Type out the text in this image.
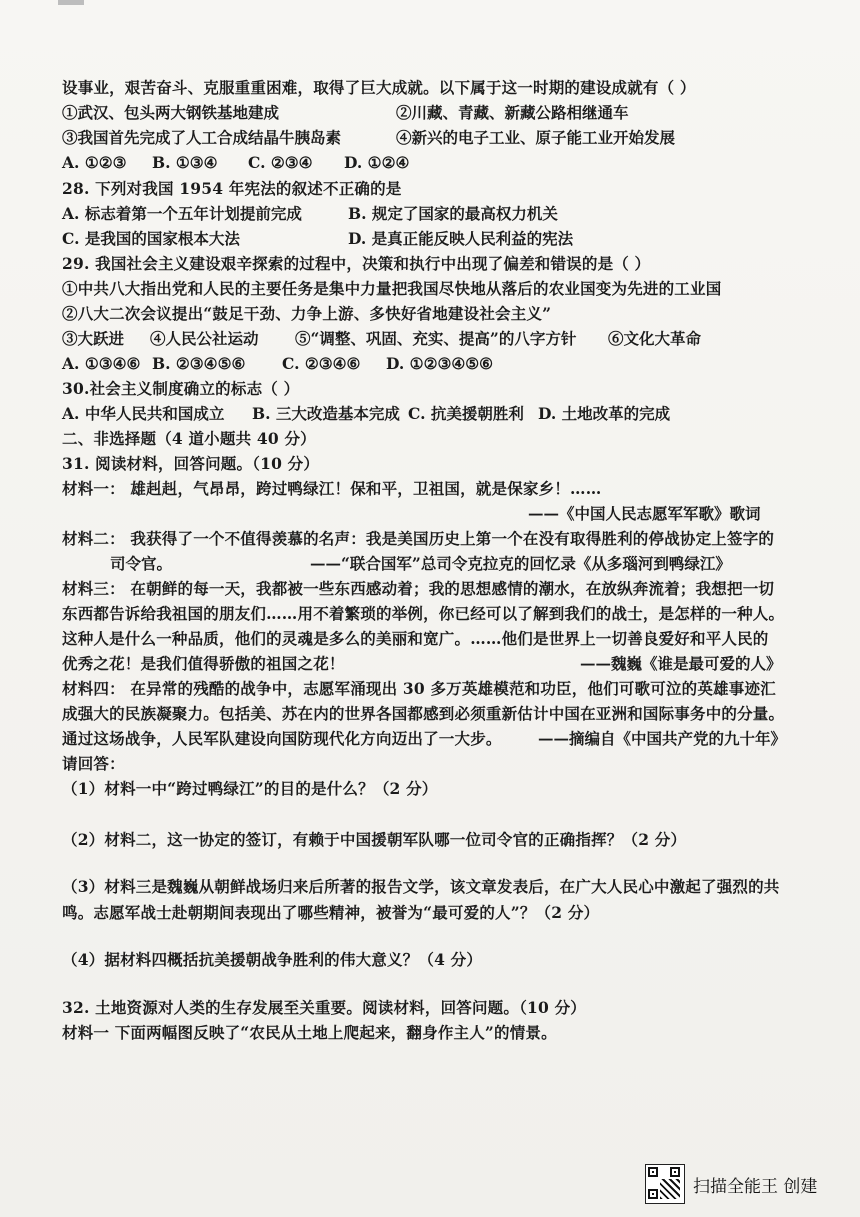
设事业，艰苦奋斗、克服重重困难，取得了巨大成就。以下属于这一时期的建设成就有（ ）
①武汉、包头两大钢铁基地建成	②川藏、青藏、新藏公路相继通车
③我国首先完成了人工合成结晶牛胰岛素	④新兴的电子工业、原子能工业开始发展
A. ①②③ B. ①③④ C. ②③④ D. ①②④
28. 下列对我国 1954 年宪法的叙述不正确的是
A. 标志着第一个五年计划提前完成	B. 规定了国家的最高权力机关
C. 是我国的国家根本大法	D. 是真正能反映人民利益的宪法
29. 我国社会主义建设艰辛探索的过程中，决策和执行中出现了偏差和错误的是（ ）
①中共八大指出党和人民的主要任务是集中力量把我国尽快地从落后的农业国变为先进的工业国
②八大二次会议提出“鼓足干劲、力争上游、多快好省地建设社会主义”
③大跃进 ④人民公社运动 ⑤“调整、巩固、充实、提高”的八字方针 ⑥文化大革命
A. ①③④⑥ B. ②③④⑤⑥ C. ②③④⑥ D. ①②③④⑤⑥
30.社会主义制度确立的标志（ ）
A. 中华人民共和国成立 B. 三大改造基本完成 C. 抗美援朝胜利 D. 土地改革的完成
二、非选择题（4 道小题共 40 分）
31. 阅读材料，回答问题。（10 分）
材料一： 雄赳赳，气昂昂，跨过鸭绿江！保和平，卫祖国，就是保家乡！……
——《中国人民志愿军军歌》歌词
材料二： 我获得了一个不值得羡慕的名声：我是美国历史上第一个在没有取得胜利的停战协定上签字的
司令官。	——“联合国军”总司令克拉克的回忆录《从多瑙河到鸭绿江》
材料三： 在朝鲜的每一天，我都被一些东西感动着；我的思想感情的潮水，在放纵奔流着；我想把一切
东西都告诉给我祖国的朋友们……用不着繁琐的举例，你已经可以了解到我们的战士，是怎样的一种人。
这种人是什么一种品质，他们的灵魂是多么的美丽和宽广。……他们是世界上一切善良爱好和平人民的
优秀之花！是我们值得骄傲的祖国之花！	——魏巍《谁是最可爱的人》
材料四： 在异常的残酷的战争中，志愿军涌现出 30 多万英雄模范和功臣，他们可歌可泣的英雄事迹汇
成强大的民族凝聚力。包括美、苏在内的世界各国都感到必须重新估计中国在亚洲和国际事务中的分量。
通过这场战争，人民军队建设向国防现代化方向迈出了一大步。 ——摘编自《中国共产党的九十年》
请回答：
（1）材料一中“跨过鸭绿江”的目的是什么？（2 分）
（2）材料二，这一协定的签订，有赖于中国援朝军队哪一位司令官的正确指挥？（2 分）
（3）材料三是魏巍从朝鲜战场归来后所著的报告文学，该文章发表后，在广大人民心中激起了强烈的共
鸣。志愿军战士赴朝期间表现出了哪些精神，被誉为“最可爱的人”？（2 分）
（4）据材料四概括抗美援朝战争胜利的伟大意义？（4 分）
32. 土地资源对人类的生存发展至关重要。阅读材料，回答问题。（10 分）
材料一 下面两幅图反映了“农民从土地上爬起来，翻身作主人”的情景。
扫描全能王 创建
